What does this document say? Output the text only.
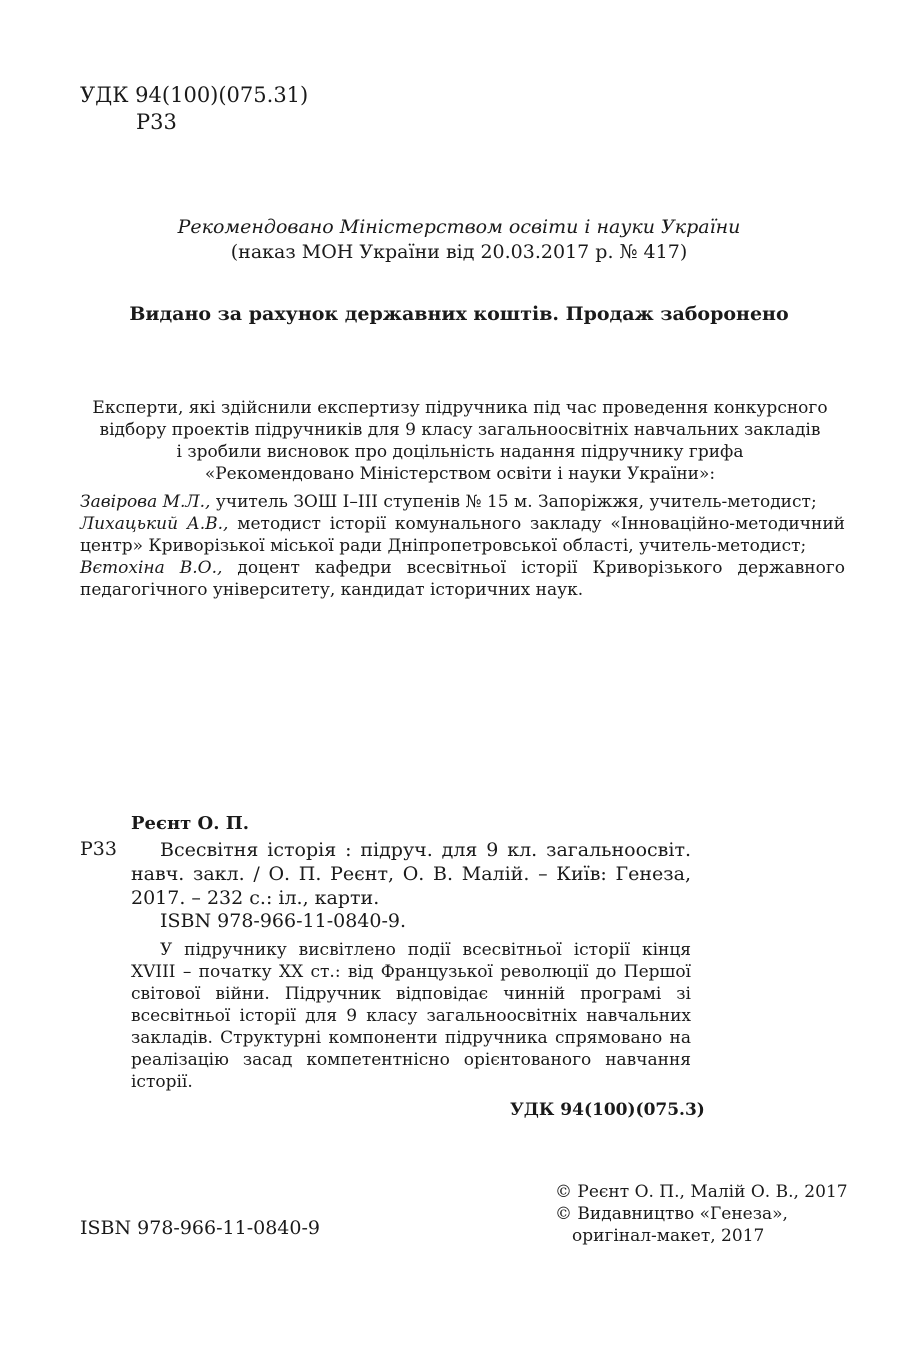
УДК 94(100)(075.31)
Р33
Рекомендовано Міністерством освіти і науки України
(наказ МОН України від 20.03.2017 р. № 417)
Видано за рахунок державних коштів. Продаж заборонено
Експерти, які здійснили експертизу підручника під час проведення конкурсного
відбору проектів підручників для 9 класу загальноосвітніх навчальних закладів
і зробили висновок про доцільність надання підручнику грифа
«Рекомендовано Міністерством освіти і науки України»:

Завірова М.Л., учитель ЗОШ І–ІІІ ступенів № 15 м. Запоріжжя, учитель-методист;

Лихацький А.В., методист історії комунального закладу «Інноваційно-методичний центр» Криворізької міської ради Дніпропетровської області, учитель-методист;

Вєтохіна В.О., доцент кафедри всесвітньої історії Криворізького державного педагогічного університету, кандидат історичних наук.

Реєнт О. П.
Р33	Всесвітня історія : підруч. для 9 кл. загальноосвіт. навч. закл. / О. П. Реєнт, О. В. Малій. – Київ: Генеза, 2017. – 232 с.: іл., карти.
ISBN 978-966-11-0840-9.
У підручнику висвітлено події всесвітньої історії кінця XVIII – початку XX ст.: від Французької революції до Першої світової війни. Підручник відповідає чинній програмі зі всесвітньої історії для 9 класу загальноосвітніх навчальних закладів. Структурні компоненти підручника спрямовано на реалізацію засад компетентнісно орієнтованого навчання історії.
УДК 94(100)(075.3)
© Реєнт О. П., Малій О. В., 2017
© Видавництво «Генеза»,
оригінал-макет, 2017
ISBN 978-966-11-0840-9
